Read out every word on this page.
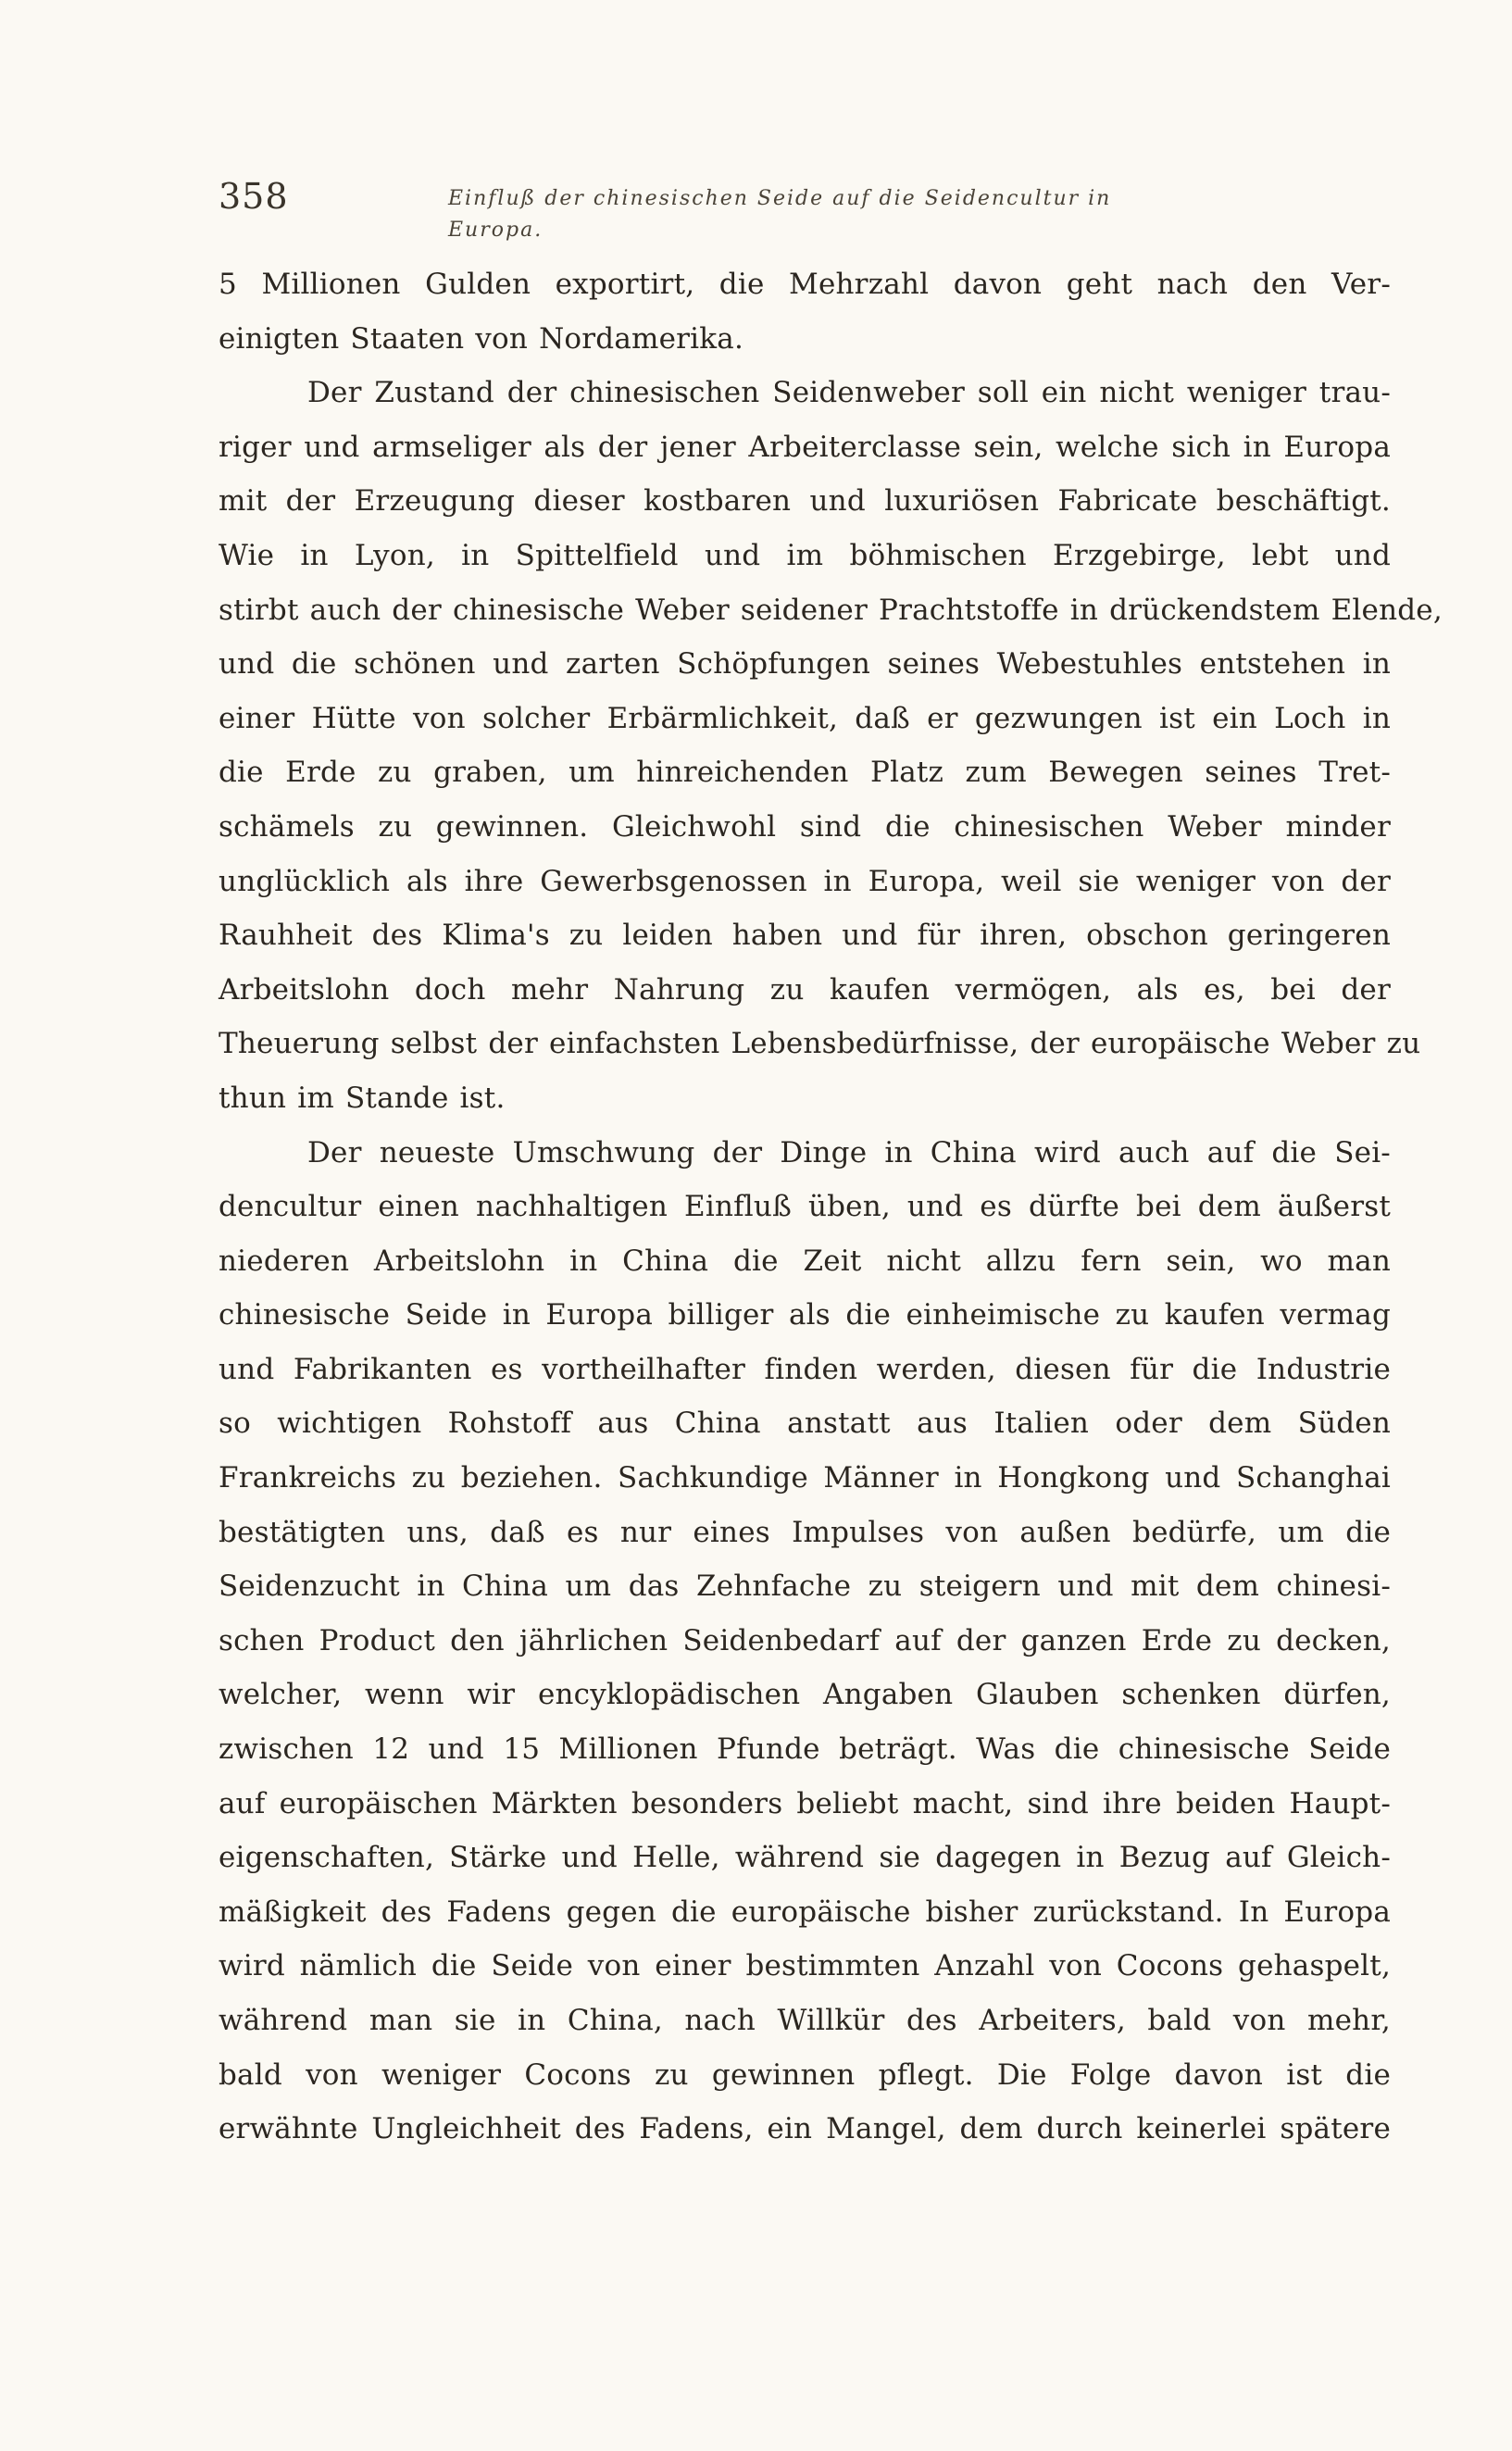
358	Einfluß der chinesischen Seide auf die Seidencultur in Europa.
5 Millionen Gulden exportirt, die Mehrzahl davon geht nach den Ver-
einigten Staaten von Nordamerika.
Der Zustand der chinesischen Seidenweber soll ein nicht weniger trau-
riger und armseliger als der jener Arbeiterclasse sein, welche sich in Europa
mit der Erzeugung dieser kostbaren und luxuriösen Fabricate beschäftigt.
Wie in Lyon, in Spittelfield und im böhmischen Erzgebirge, lebt und
stirbt auch der chinesische Weber seidener Prachtstoffe in drückendstem Elende,
und die schönen und zarten Schöpfungen seines Webestuhles entstehen in
einer Hütte von solcher Erbärmlichkeit, daß er gezwungen ist ein Loch in
die Erde zu graben, um hinreichenden Platz zum Bewegen seines Tret-
schämels zu gewinnen. Gleichwohl sind die chinesischen Weber minder
unglücklich als ihre Gewerbsgenossen in Europa, weil sie weniger von der
Rauhheit des Klima's zu leiden haben und für ihren, obschon geringeren
Arbeitslohn doch mehr Nahrung zu kaufen vermögen, als es, bei der
Theuerung selbst der einfachsten Lebensbedürfnisse, der europäische Weber zu
thun im Stande ist.
Der neueste Umschwung der Dinge in China wird auch auf die Sei-
dencultur einen nachhaltigen Einfluß üben, und es dürfte bei dem äußerst
niederen Arbeitslohn in China die Zeit nicht allzu fern sein, wo man
chinesische Seide in Europa billiger als die einheimische zu kaufen vermag
und Fabrikanten es vortheilhafter finden werden, diesen für die Industrie
so wichtigen Rohstoff aus China anstatt aus Italien oder dem Süden
Frankreichs zu beziehen. Sachkundige Männer in Hongkong und Schanghai
bestätigten uns, daß es nur eines Impulses von außen bedürfe, um die
Seidenzucht in China um das Zehnfache zu steigern und mit dem chinesi-
schen Product den jährlichen Seidenbedarf auf der ganzen Erde zu decken,
welcher, wenn wir encyklopädischen Angaben Glauben schenken dürfen,
zwischen 12 und 15 Millionen Pfunde beträgt. Was die chinesische Seide
auf europäischen Märkten besonders beliebt macht, sind ihre beiden Haupt-
eigenschaften, Stärke und Helle, während sie dagegen in Bezug auf Gleich-
mäßigkeit des Fadens gegen die europäische bisher zurückstand. In Europa
wird nämlich die Seide von einer bestimmten Anzahl von Cocons gehaspelt,
während man sie in China, nach Willkür des Arbeiters, bald von mehr,
bald von weniger Cocons zu gewinnen pflegt. Die Folge davon ist die
erwähnte Ungleichheit des Fadens, ein Mangel, dem durch keinerlei spätere
